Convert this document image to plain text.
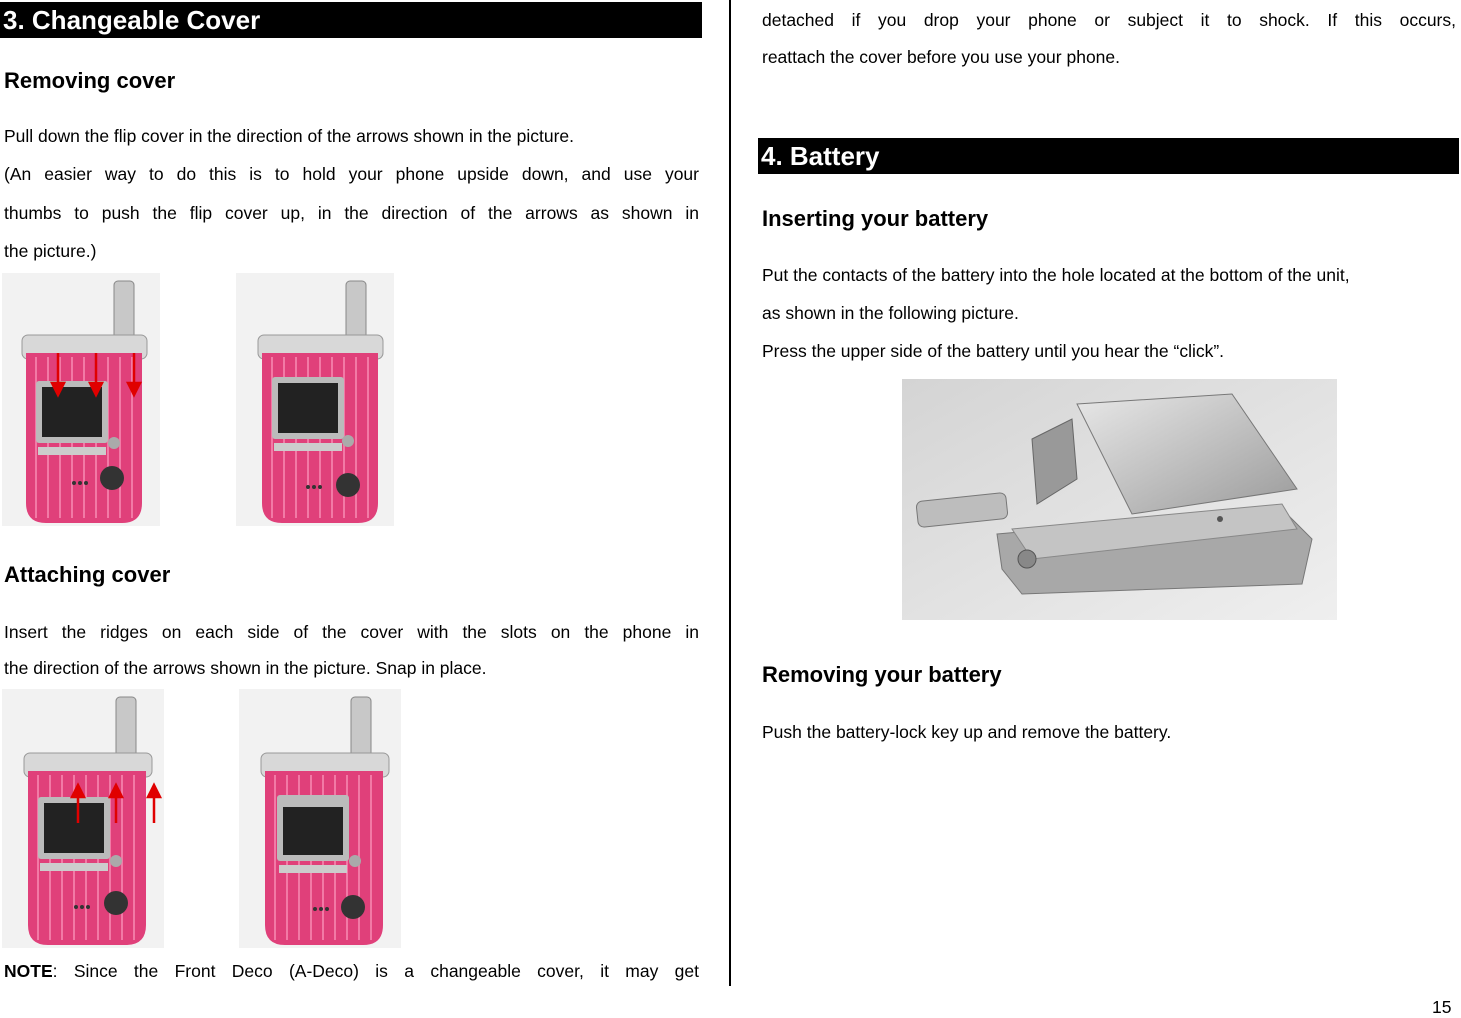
3. Changeable Cover
Removing cover
Pull down the flip cover in the direction of the arrows shown in the picture.
(An easier way to do this is to hold your phone upside down, and use your
thumbs to push the flip cover up, in the direction of the arrows as shown in
the picture.)
Attaching cover
Insert the ridges on each side of the cover with the slots on the phone in
the direction of the arrows shown in the picture. Snap in place.
NOTE: Since the Front Deco (A-Deco) is a changeable cover, it may get
detached if you drop your phone or subject it to shock. If this occurs,
reattach the cover before you use your phone.
4. Battery
Inserting your battery
Put the contacts of the battery into the hole located at the bottom of the unit,
as shown in the following picture.
Press the upper side of the battery until you hear the “click”.
Removing your battery
Push the battery-lock key up and remove the battery.
15
